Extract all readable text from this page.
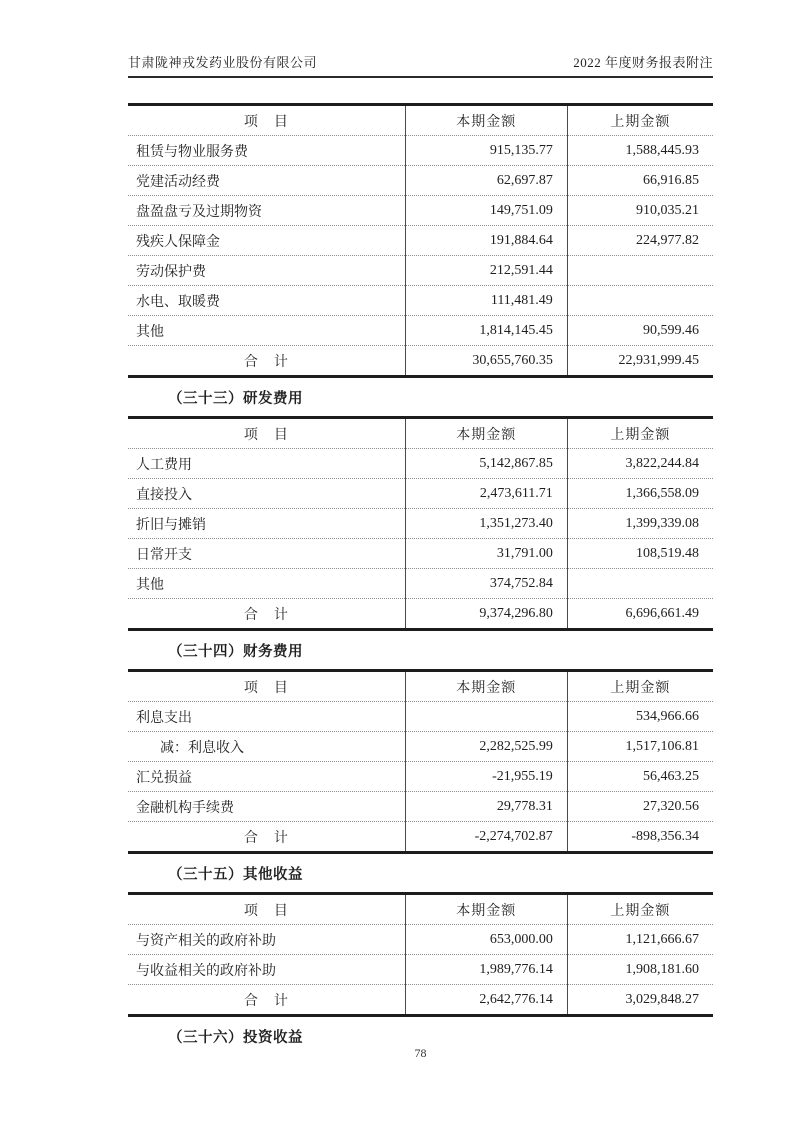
甘肃陇神戎发药业股份有限公司	2022 年度财务报表附注
项　目	本期金额	上期金额
租赁与物业服务费	915,135.77	1,588,445.93
党建活动经费	62,697.87	66,916.85
盘盈盘亏及过期物资	149,751.09	910,035.21
残疾人保障金	191,884.64	224,977.82
劳动保护费	212,591.44	
水电、取暖费	111,481.49	
其他	1,814,145.45	90,599.46
合　计	30,655,760.35	22,931,999.45
（三十三）研发费用
项　目	本期金额	上期金额
人工费用	5,142,867.85	3,822,244.84
直接投入	2,473,611.71	1,366,558.09
折旧与摊销	1,351,273.40	1,399,339.08
日常开支	31,791.00	108,519.48
其他	374,752.84	
合　计	9,374,296.80	6,696,661.49
（三十四）财务费用
项　目	本期金额	上期金额
利息支出		534,966.66
减：利息收入	2,282,525.99	1,517,106.81
汇兑损益	-21,955.19	56,463.25
金融机构手续费	29,778.31	27,320.56
合　计	-2,274,702.87	-898,356.34
（三十五）其他收益
项　目	本期金额	上期金额
与资产相关的政府补助	653,000.00	1,121,666.67
与收益相关的政府补助	1,989,776.14	1,908,181.60
合　计	2,642,776.14	3,029,848.27
（三十六）投资收益
78
